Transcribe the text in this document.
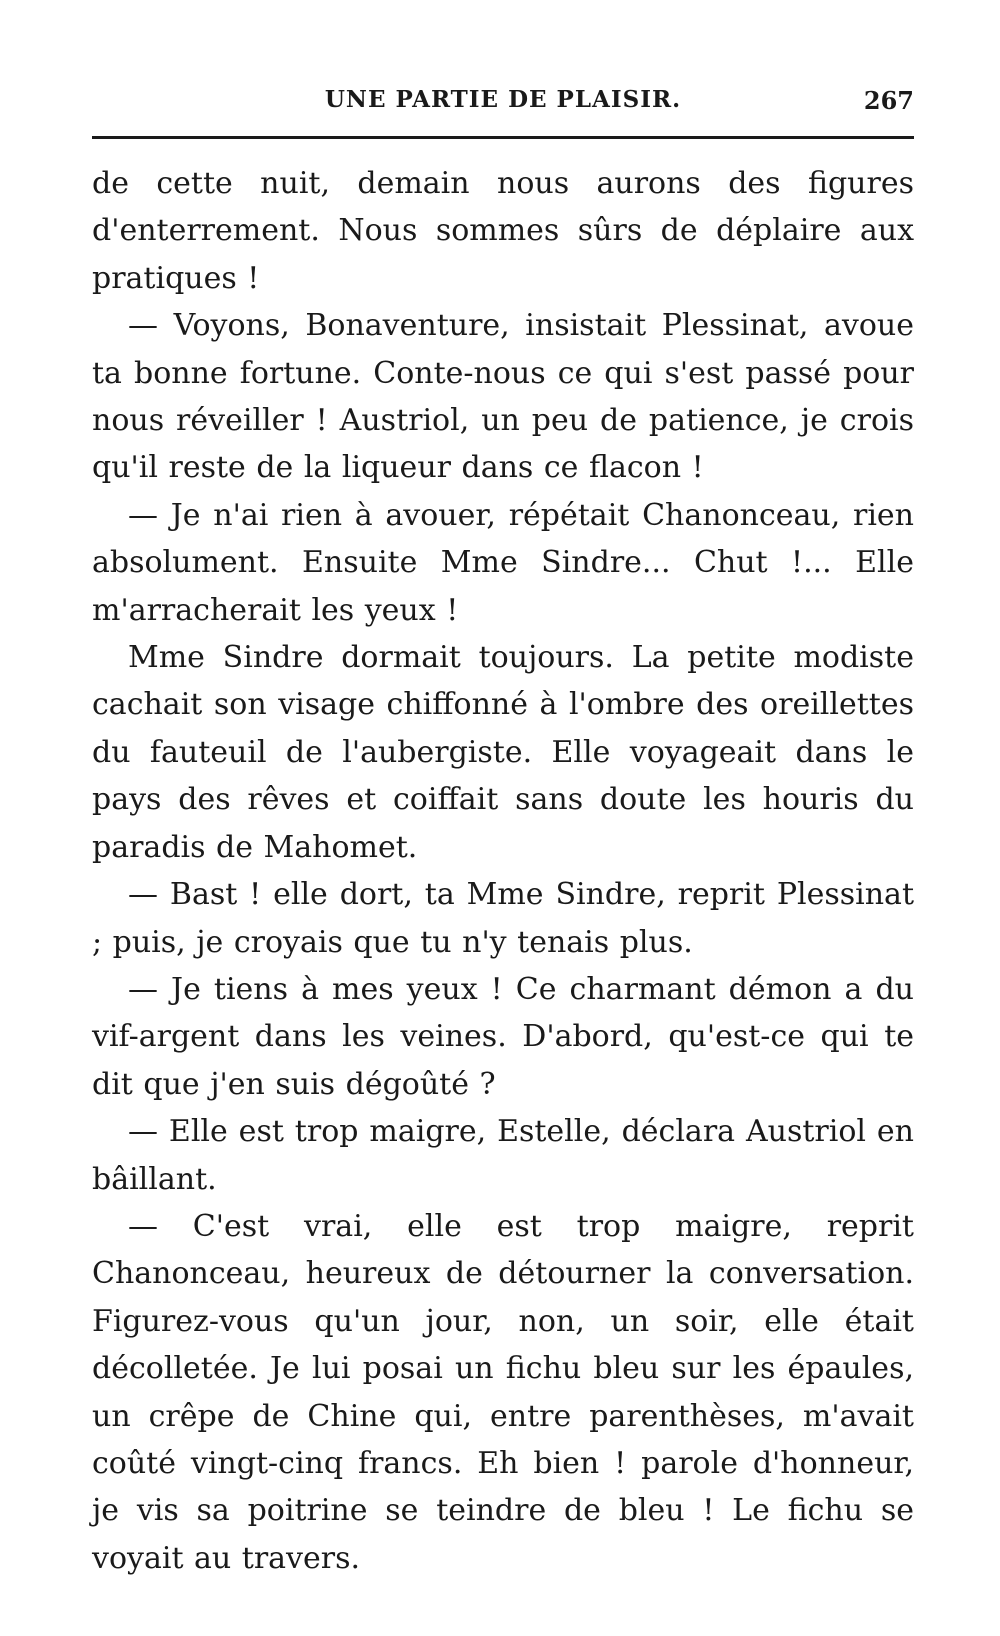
UNE PARTIE DE PLAISIR.	267

de cette nuit, demain nous aurons des figures d'enterrement. Nous sommes sûrs de déplaire aux pratiques !

— Voyons, Bonaventure, insistait Plessinat, avoue ta bonne fortune. Conte-nous ce qui s'est passé pour nous réveiller ! Austriol, un peu de patience, je crois qu'il reste de la liqueur dans ce flacon !

— Je n'ai rien à avouer, répétait Chanonceau, rien absolument. Ensuite Mme Sindre... Chut !... Elle m'arracherait les yeux !

Mme Sindre dormait toujours. La petite modiste cachait son visage chiffonné à l'ombre des oreillettes du fauteuil de l'aubergiste. Elle voyageait dans le pays des rêves et coiffait sans doute les houris du paradis de Mahomet.

— Bast ! elle dort, ta Mme Sindre, reprit Plessinat ; puis, je croyais que tu n'y tenais plus.

— Je tiens à mes yeux ! Ce charmant démon a du vif-argent dans les veines. D'abord, qu'est-ce qui te dit que j'en suis dégoûté ?

— Elle est trop maigre, Estelle, déclara Austriol en bâillant.

— C'est vrai, elle est trop maigre, reprit Chanonceau, heureux de détourner la conversation. Figurez-vous qu'un jour, non, un soir, elle était décolletée. Je lui posai un fichu bleu sur les épaules, un crêpe de Chine qui, entre parenthèses, m'avait coûté vingt-cinq francs. Eh bien ! parole d'honneur, je vis sa poitrine se teindre de bleu ! Le fichu se voyait au travers.
